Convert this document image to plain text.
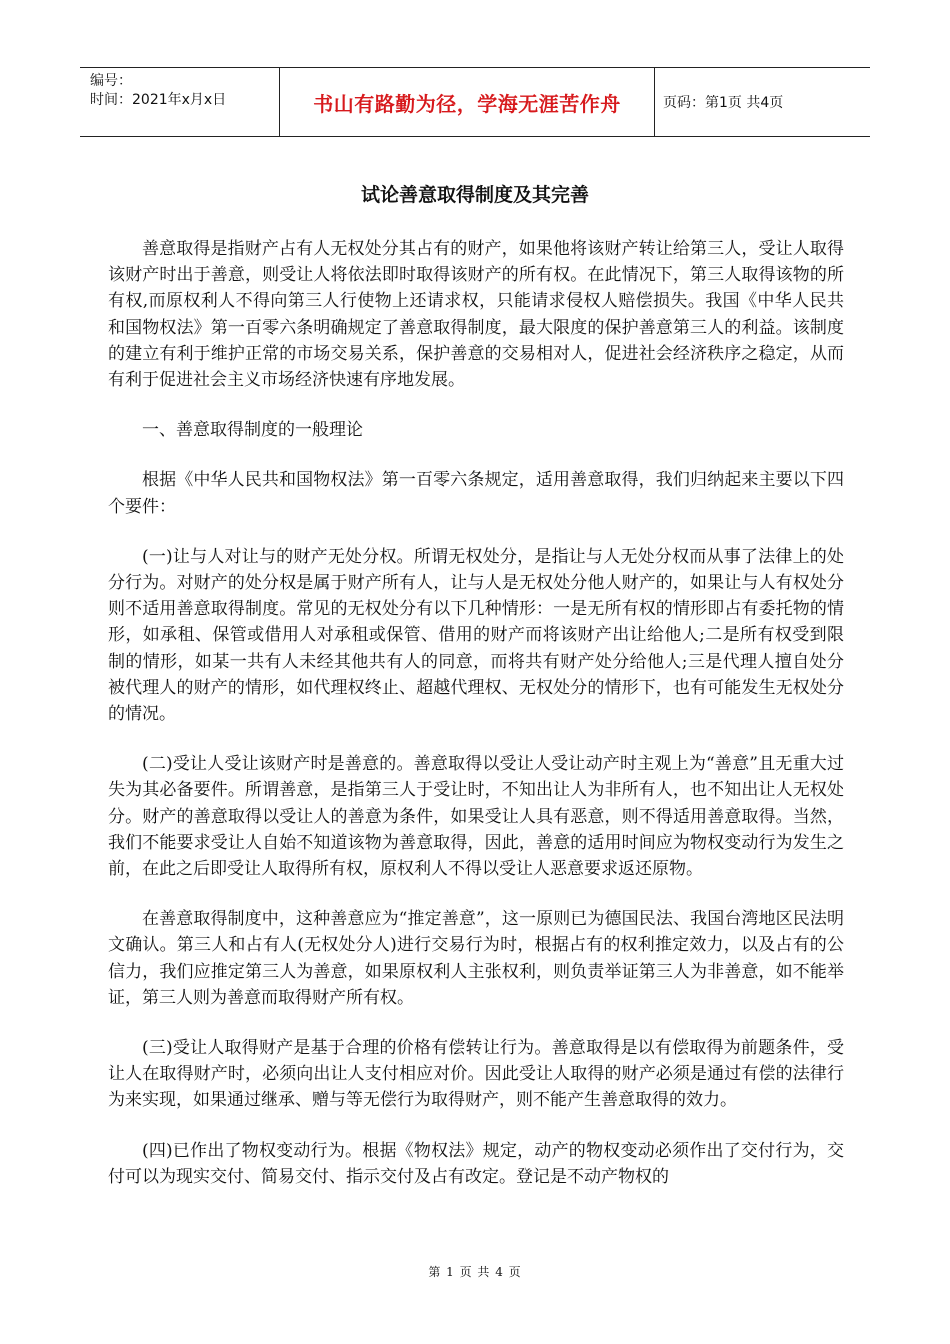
编号：
时间：2021年x月x日	书山有路勤为径，学海无涯苦作舟	页码：第1页 共4页
试论善意取得制度及其完善

善意取得是指财产占有人无权处分其占有的财产，如果他将该财产转让给第三人，受让人取得该财产时出于善意，则受让人将依法即时取得该财产的所有权。在此情况下，第三人取得该物的所有权,而原权利人不得向第三人行使物上还请求权，只能请求侵权人赔偿损失。我国《中华人民共和国物权法》第一百零六条明确规定了善意取得制度，最大限度的保护善意第三人的利益。该制度的建立有利于维护正常的市场交易关系，保护善意的交易相对人，促进社会经济秩序之稳定，从而有利于促进社会主义市场经济快速有序地发展。

一、善意取得制度的一般理论

根据《中华人民共和国物权法》第一百零六条规定，适用善意取得，我们归纳起来主要以下四个要件：

(一)让与人对让与的财产无处分权。所谓无权处分，是指让与人无处分权而从事了法律上的处分行为。对财产的处分权是属于财产所有人，让与人是无权处分他人财产的，如果让与人有权处分则不适用善意取得制度。常见的无权处分有以下几种情形：一是无所有权的情形即占有委托物的情形，如承租、保管或借用人对承租或保管、借用的财产而将该财产出让给他人;二是所有权受到限制的情形，如某一共有人未经其他共有人的同意，而将共有财产处分给他人;三是代理人擅自处分被代理人的财产的情形，如代理权终止、超越代理权、无权处分的情形下，也有可能发生无权处分的情况。

(二)受让人受让该财产时是善意的。善意取得以受让人受让动产时主观上为“善意”且无重大过失为其必备要件。所谓善意，是指第三人于受让时，不知出让人为非所有人，也不知出让人无权处分。财产的善意取得以受让人的善意为条件，如果受让人具有恶意，则不得适用善意取得。当然，我们不能要求受让人自始不知道该物为善意取得，因此，善意的适用时间应为物权变动行为发生之前，在此之后即受让人取得所有权，原权利人不得以受让人恶意要求返还原物。

在善意取得制度中，这种善意应为“推定善意”，这一原则已为德国民法、我国台湾地区民法明文确认。第三人和占有人(无权处分人)进行交易行为时，根据占有的权利推定效力，以及占有的公信力，我们应推定第三人为善意，如果原权利人主张权利，则负责举证第三人为非善意，如不能举证，第三人则为善意而取得财产所有权。

(三)受让人取得财产是基于合理的价格有偿转让行为。善意取得是以有偿取得为前题条件，受让人在取得财产时，必须向出让人支付相应对价。因此受让人取得的财产必须是通过有偿的法律行为来实现，如果通过继承、赠与等无偿行为取得财产，则不能产生善意取得的效力。

(四)已作出了物权变动行为。根据《物权法》规定，动产的物权变动必须作出了交付行为，交付可以为现实交付、简易交付、指示交付及占有改定。登记是不动产物权的

第 1 页 共 4 页
